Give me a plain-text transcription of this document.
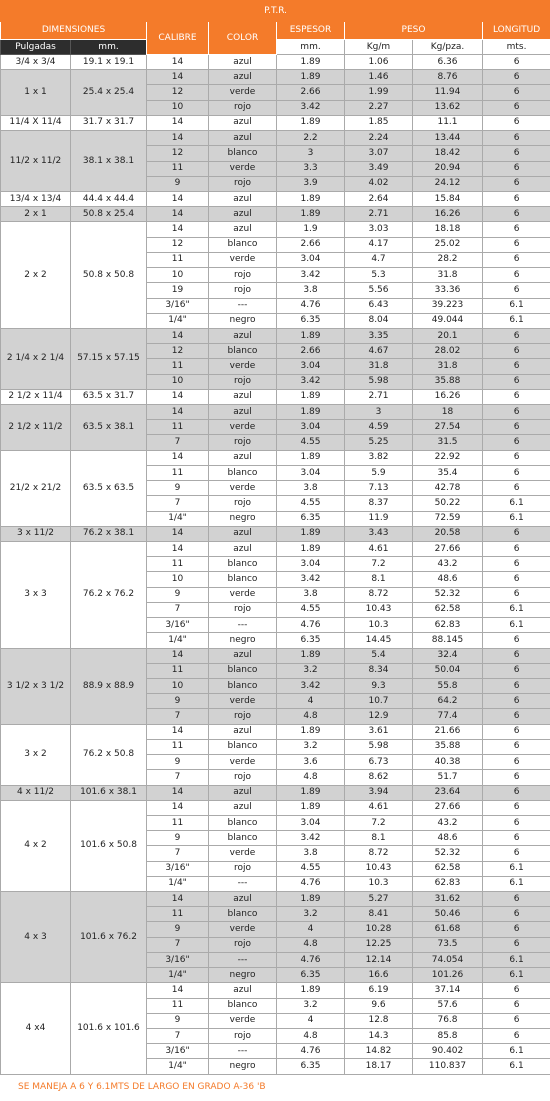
P.T.R.							
DIMENSIONES		CALIBRE	COLOR	ESPESOR	PESO		LONGITUD
Pulgadas	mm.			mm.	Kg/m	Kg/pza.	mts.
3/4 x 3/4	19.1 x 19.1	14	azul	1.89	1.06	6.36	6
1 x 1	25.4 x 25.4	14	azul	1.89	1.46	8.76	6
		12	verde	2.66	1.99	11.94	6
		10	rojo	3.42	2.27	13.62	6
11/4 X 11/4	31.7 x 31.7	14	azul	1.89	1.85	11.1	6
11/2 x 11/2	38.1 x 38.1	14	azul	2.2	2.24	13.44	6
		12	blanco	3	3.07	18.42	6
		11	verde	3.3	3.49	20.94	6
		9	rojo	3.9	4.02	24.12	6
13/4 x 13/4	44.4 x 44.4	14	azul	1.89	2.64	15.84	6
2 x 1	50.8 x 25.4	14	azul	1.89	2.71	16.26	6
2 x 2	50.8 x 50.8	14	azul	1.9	3.03	18.18	6
		12	blanco	2.66	4.17	25.02	6
		11	verde	3.04	4.7	28.2	6
		10	rojo	3.42	5.3	31.8	6
		19	rojo	3.8	5.56	33.36	6
		3/16"	---	4.76	6.43	39.223	6.1
		1/4"	negro	6.35	8.04	49.044	6.1
2 1/4 x 2 1/4	57.15 x 57.15	14	azul	1.89	3.35	20.1	6
		12	blanco	2.66	4.67	28.02	6
		11	verde	3.04	31.8	31.8	6
		10	rojo	3.42	5.98	35.88	6
2 1/2 x 11/4	63.5 x 31.7	14	azul	1.89	2.71	16.26	6
2 1/2 x 11/2	63.5 x 38.1	14	azul	1.89	3	18	6
		11	verde	3.04	4.59	27.54	6
		7	rojo	4.55	5.25	31.5	6
21/2 x 21/2	63.5 x 63.5	14	azul	1.89	3.82	22.92	6
		11	blanco	3.04	5.9	35.4	6
		9	verde	3.8	7.13	42.78	6
		7	rojo	4.55	8.37	50.22	6.1
		1/4"	negro	6.35	11.9	72.59	6.1
3 x 11/2	76.2 x 38.1	14	azul	1.89	3.43	20.58	6
3 x 3	76.2 x 76.2	14	azul	1.89	4.61	27.66	6
		11	blanco	3.04	7.2	43.2	6
		10	blanco	3.42	8.1	48.6	6
		9	verde	3.8	8.72	52.32	6
		7	rojo	4.55	10.43	62.58	6.1
		3/16"	---	4.76	10.3	62.83	6.1
		1/4"	negro	6.35	14.45	88.145	6
3 1/2 x 3 1/2	88.9 x 88.9	14	azul	1.89	5.4	32.4	6
		11	blanco	3.2	8.34	50.04	6
		10	blanco	3.42	9.3	55.8	6
		9	verde	4	10.7	64.2	6
		7	rojo	4.8	12.9	77.4	6
3 x 2	76.2 x 50.8	14	azul	1.89	3.61	21.66	6
		11	blanco	3.2	5.98	35.88	6
		9	verde	3.6	6.73	40.38	6
		7	rojo	4.8	8.62	51.7	6
4 x 11/2	101.6 x 38.1	14	azul	1.89	3.94	23.64	6
4 x 2	101.6 x 50.8	14	azul	1.89	4.61	27.66	6
		11	blanco	3.04	7.2	43.2	6
		9	blanco	3.42	8.1	48.6	6
		7	verde	3.8	8.72	52.32	6
		3/16"	rojo	4.55	10.43	62.58	6.1
		1/4"	---	4.76	10.3	62.83	6.1
4 x 3	101.6 x 76.2	14	azul	1.89	5.27	31.62	6
		11	blanco	3.2	8.41	50.46	6
		9	verde	4	10.28	61.68	6
		7	rojo	4.8	12.25	73.5	6
		3/16"	---	4.76	12.14	74.054	6.1
		1/4"	negro	6.35	16.6	101.26	6.1
4 x4	101.6 x 101.6	14	azul	1.89	6.19	37.14	6
		11	blanco	3.2	9.6	57.6	6
		9	verde	4	12.8	76.8	6
		7	rojo	4.8	14.3	85.8	6
		3/16"	---	4.76	14.82	90.402	6.1
		1/4"	negro	6.35	18.17	110.837	6.1
SE MANEJA A 6 Y 6.1MTS DE LARGO EN GRADO A-36 'B
